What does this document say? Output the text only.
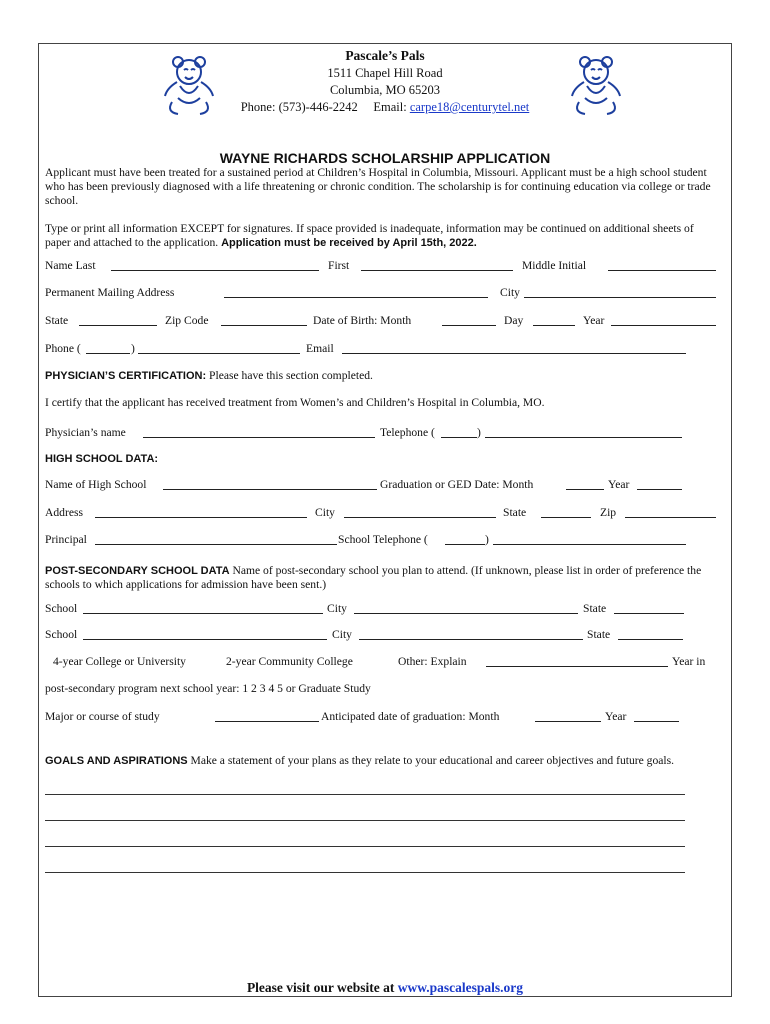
Pascale’s Pals
1511 Chapel Hill Road
Columbia, MO 65203
Phone: (573)-446-2242 Email: carpe18@centurytel.net
WAYNE RICHARDS SCHOLARSHIP APPLICATION
Applicant must have been treated for a sustained period at Children’s Hospital in Columbia, Missouri. Applicant must be a high school student who has been previously diagnosed with a life threatening or chronic condition. The scholarship is for continuing education via college or trade school.
Type or print all information EXCEPT for signatures. If space provided is inadequate, information may be continued on additional sheets of paper and attached to the application. Application must be received by April 15th, 2022.
Name Last	First	Middle Initial
Permanent Mailing Address	City
State	Zip Code	Date of Birth: Month	Day	Year
Phone (	)	Email
PHYSICIAN’S CERTIFICATION: Please have this section completed.
I certify that the applicant has received treatment from Women’s and Children’s Hospital in Columbia, MO.
Physician’s name	Telephone (	)
HIGH SCHOOL DATA:
Name of High School	Graduation or GED Date: Month	Year
Address	City	State	Zip
Principal	School Telephone (	)
POST-SECONDARY SCHOOL DATA Name of post-secondary school you plan to attend. (If unknown, please list in order of preference the schools to which applications for admission have been sent.)
School	City	State
School	City	State
4-year College or University	2-year Community College	Other: Explain	Year in
post-secondary program next school year: 1 2 3 4 5 or Graduate Study
Major or course of study	Anticipated date of graduation: Month	Year
GOALS AND ASPIRATIONS Make a statement of your plans as they relate to your educational and career objectives and future goals.
Please visit our website at www.pascalespals.org
